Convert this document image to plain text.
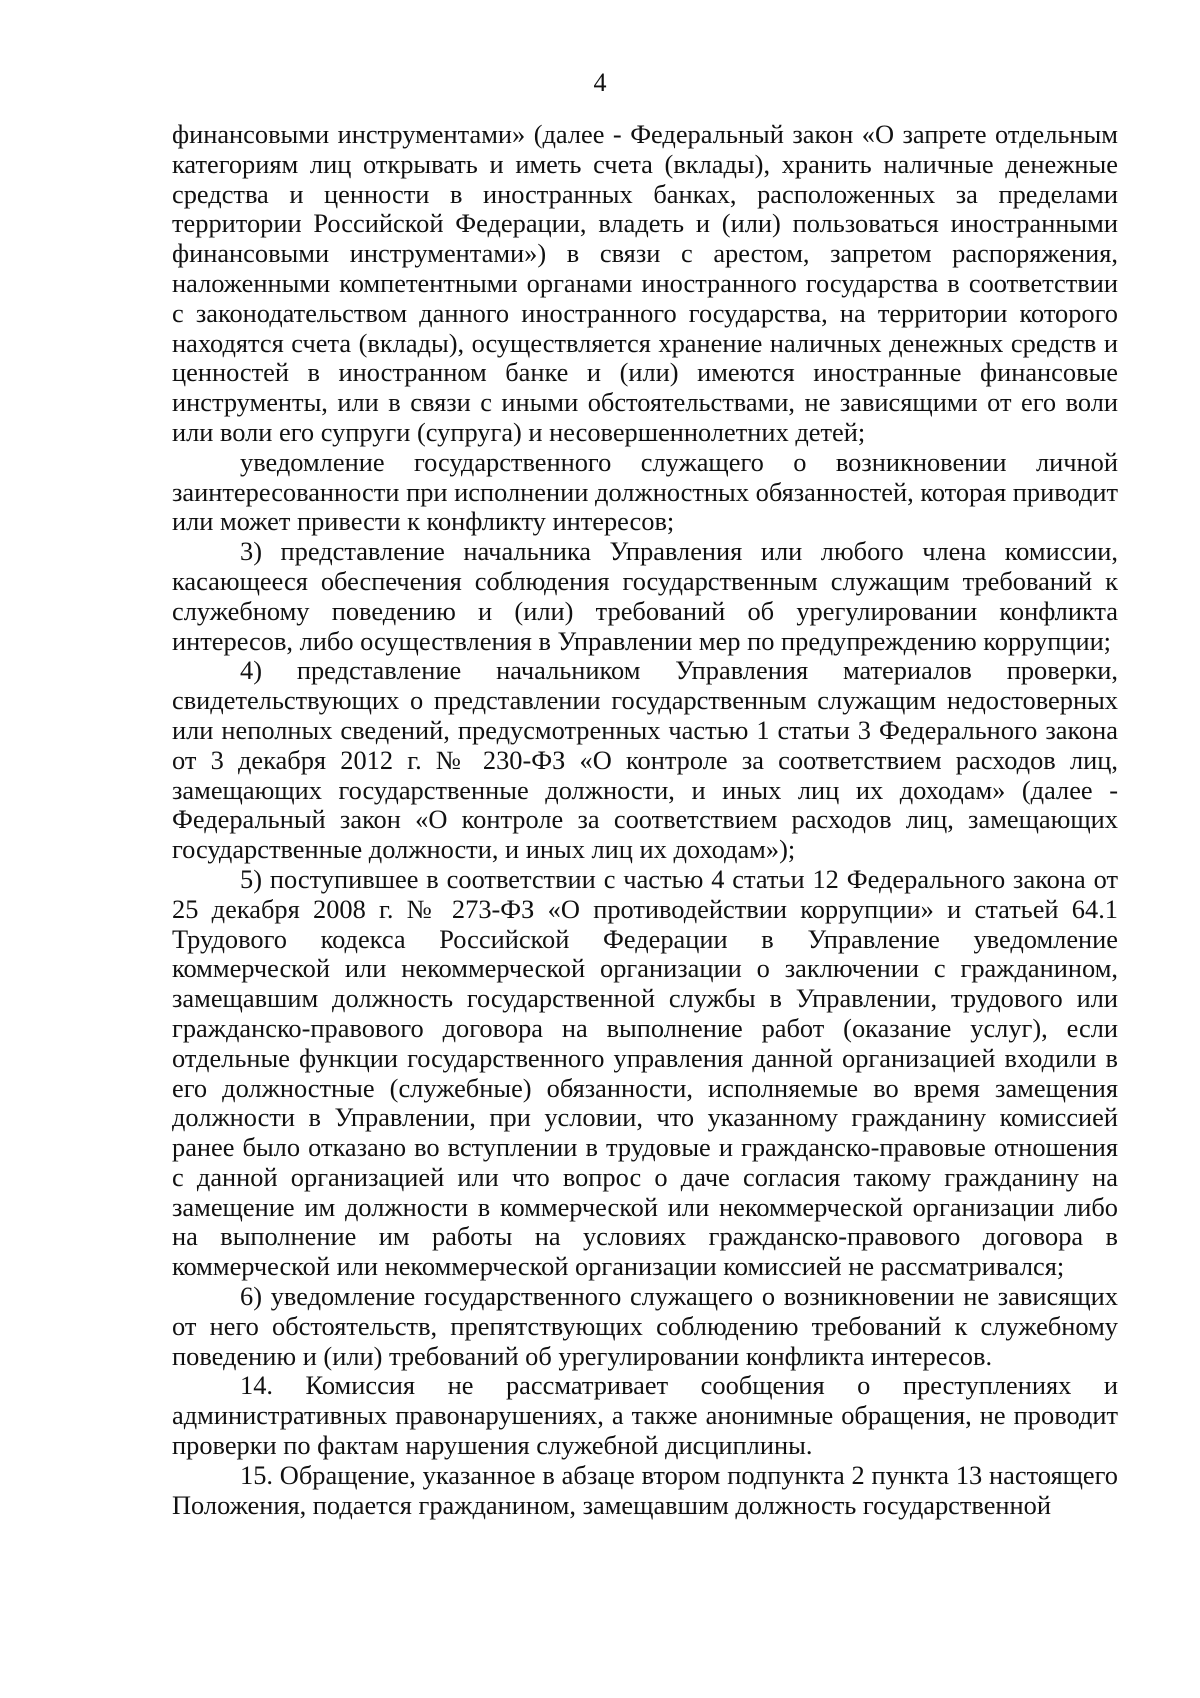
4

финансовыми инструментами» (далее - Федеральный закон «О запрете отдельным категориям лиц открывать и иметь счета (вклады), хранить наличные денежные средства и ценности в иностранных банках, расположенных за пределами территории Российской Федерации, владеть и (или) пользоваться иностранными финансовыми инструментами») в связи с арестом, запретом распоряжения, наложенными компетентными органами иностранного государства в соответствии с законодательством данного иностранного государства, на территории которого находятся счета (вклады), осуществляется хранение наличных денежных средств и ценностей в иностранном банке и (или) имеются иностранные финансовые инструменты, или в связи с иными обстоятельствами, не зависящими от его воли или воли его супруги (супруга) и несовершеннолетних детей;

уведомление государственного служащего о возникновении личной заинтересованности при исполнении должностных обязанностей, которая приводит или может привести к конфликту интересов;

3) представление начальника Управления или любого члена комиссии, касающееся обеспечения соблюдения государственным служащим требований к служебному поведению и (или) требований об урегулировании конфликта интересов, либо осуществления в Управлении мер по предупреждению коррупции;

4) представление начальником Управления материалов проверки, свидетельствующих о представлении государственным служащим недостоверных или неполных сведений, предусмотренных частью 1 статьи 3 Федерального закона от 3 декабря 2012 г. № 230-ФЗ «О контроле за соответствием расходов лиц, замещающих государственные должности, и иных лиц их доходам» (далее - Федеральный закон «О контроле за соответствием расходов лиц, замещающих государственные должности, и иных лиц их доходам»);

5) поступившее в соответствии с частью 4 статьи 12 Федерального закона от 25 декабря 2008 г. № 273-ФЗ «О противодействии коррупции» и статьей 64.1 Трудового кодекса Российской Федерации в Управление уведомление коммерческой или некоммерческой организации о заключении с гражданином, замещавшим должность государственной службы в Управлении, трудового или гражданско-правового договора на выполнение работ (оказание услуг), если отдельные функции государственного управления данной организацией входили в его должностные (служебные) обязанности, исполняемые во время замещения должности в Управлении, при условии, что указанному гражданину комиссией ранее было отказано во вступлении в трудовые и гражданско-правовые отношения с данной организацией или что вопрос о даче согласия такому гражданину на замещение им должности в коммерческой или некоммерческой организации либо на выполнение им работы на условиях гражданско-правового договора в коммерческой или некоммерческой организации комиссией не рассматривался;

6) уведомление государственного служащего о возникновении не зависящих от него обстоятельств, препятствующих соблюдению требований к служебному поведению и (или) требований об урегулировании конфликта интересов.

14. Комиссия не рассматривает сообщения о преступлениях и административных правонарушениях, а также анонимные обращения, не проводит проверки по фактам нарушения служебной дисциплины.

15. Обращение, указанное в абзаце втором подпункта 2 пункта 13 настоящего Положения, подается гражданином, замещавшим должность государственной
